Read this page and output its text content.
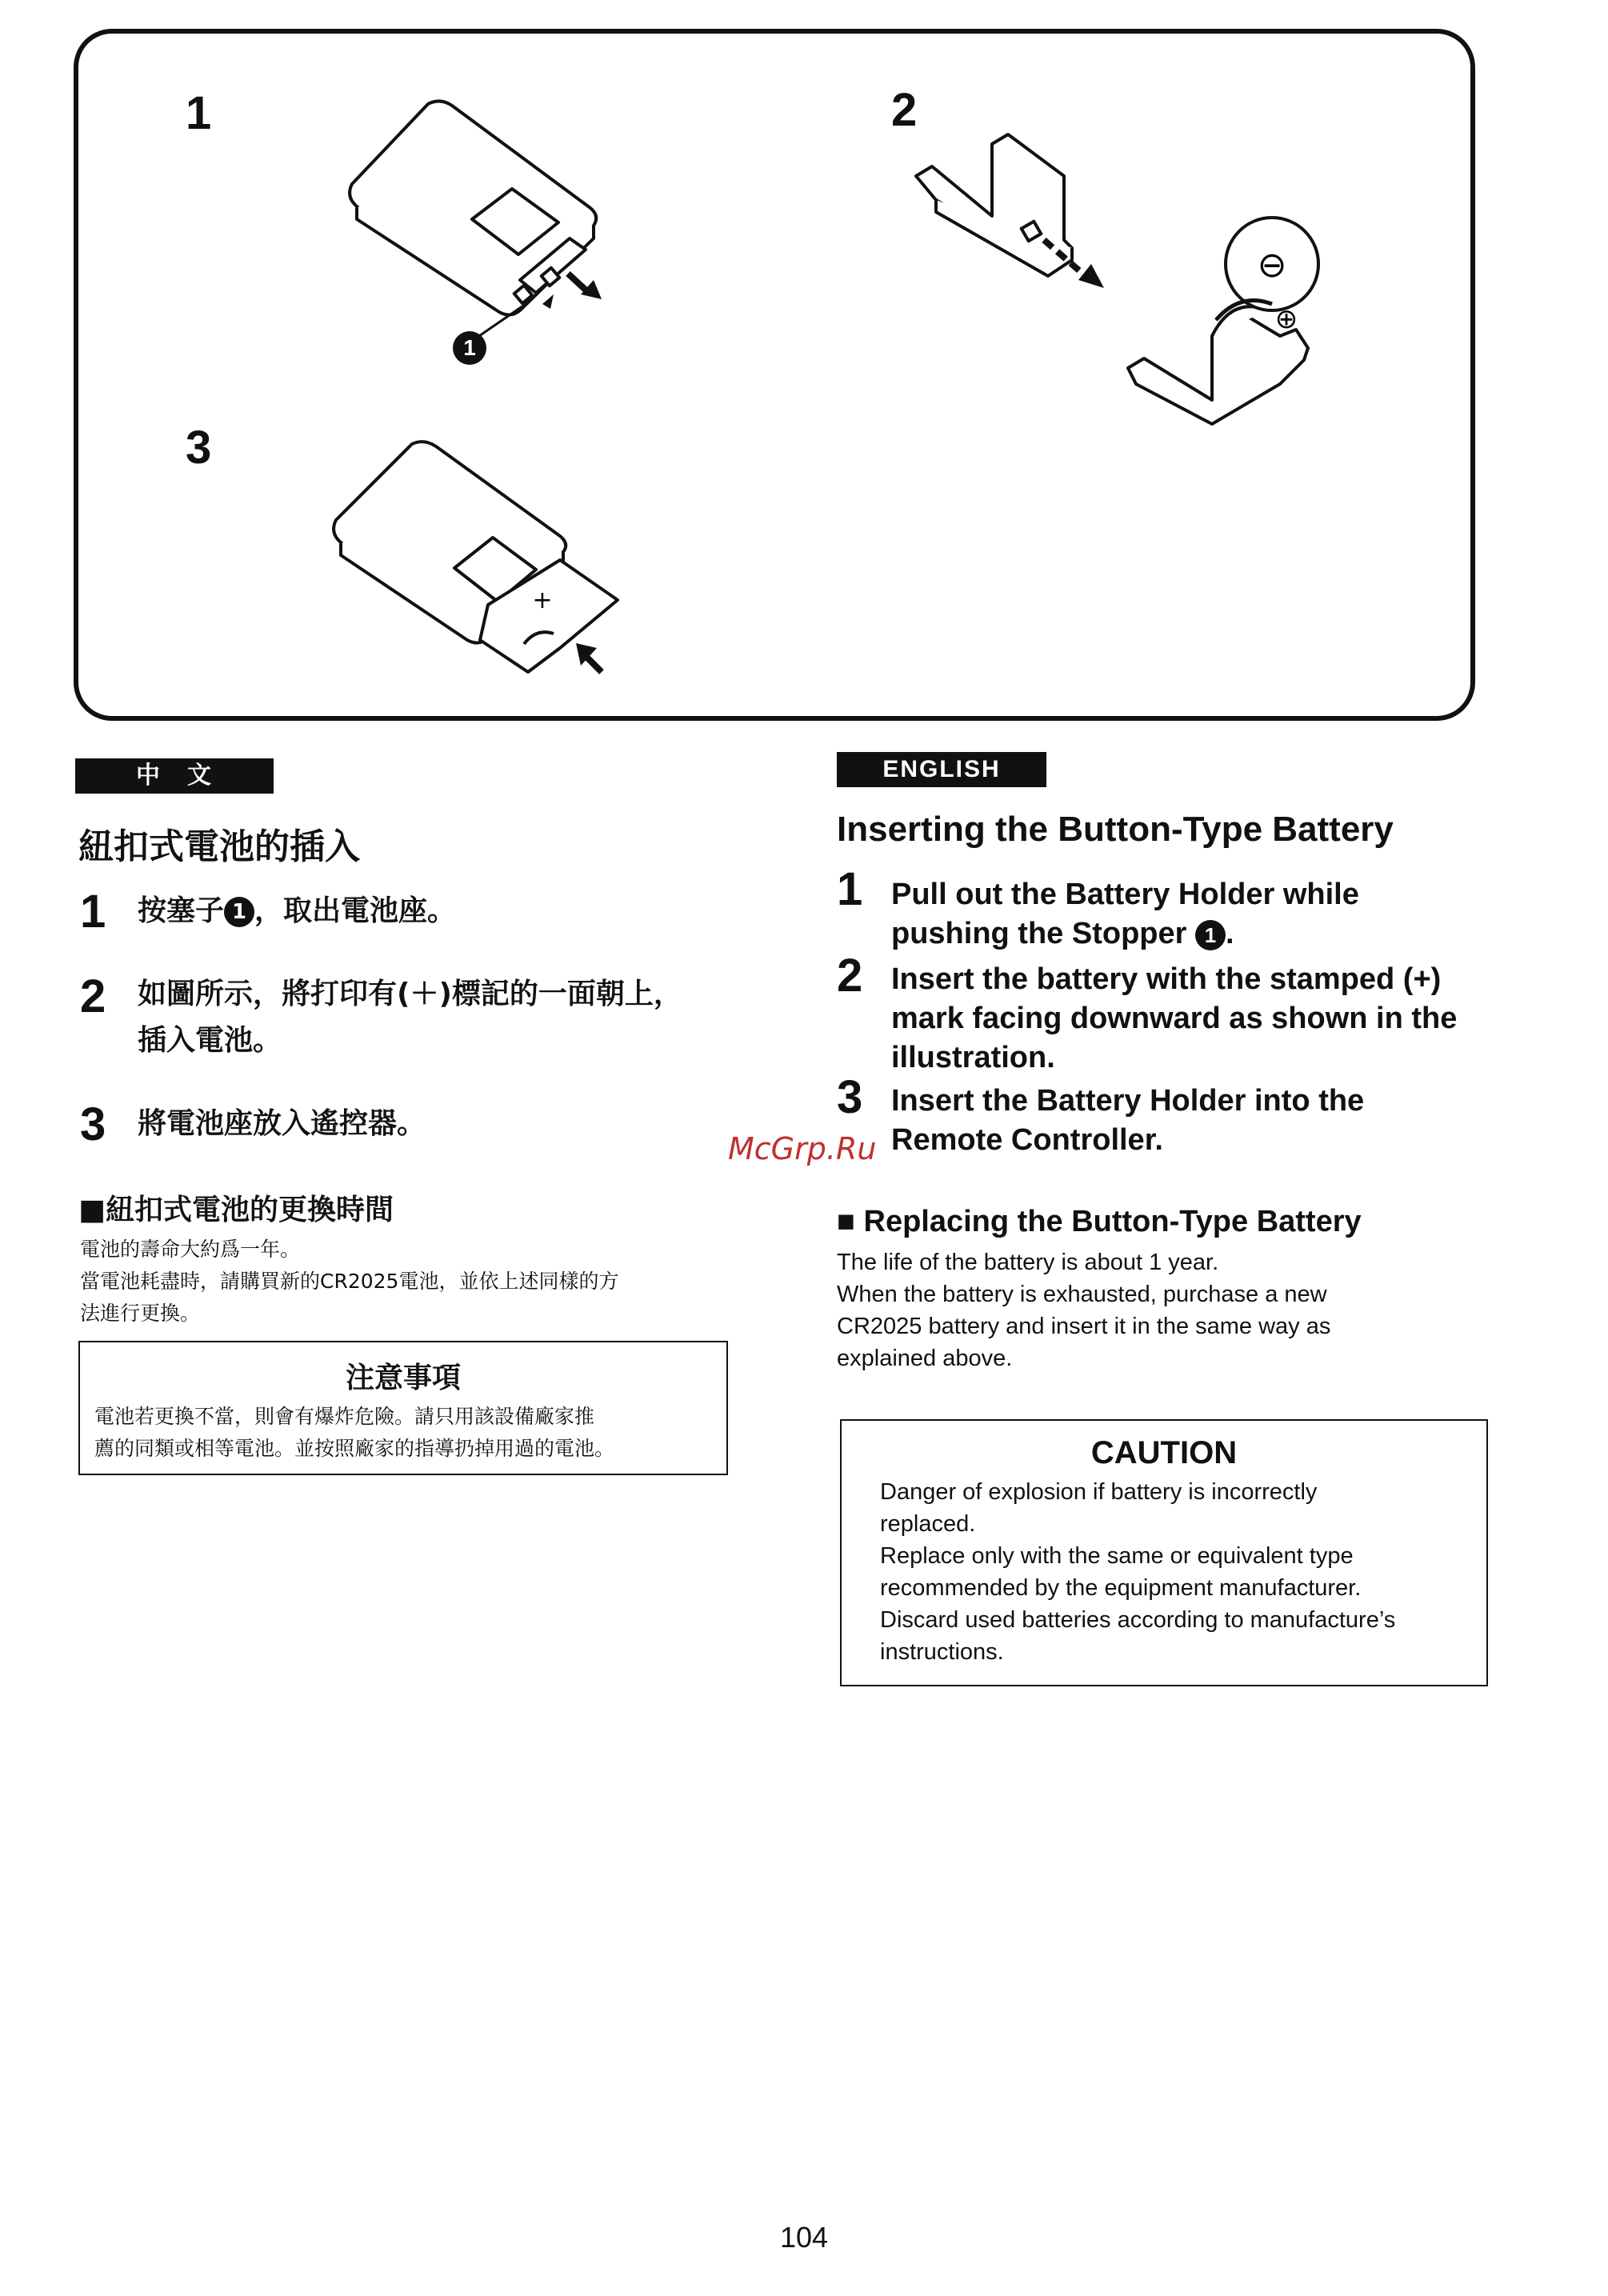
1	2
3
1
⊖
⊕
+
中　文
紐扣式電池的插入
1 按塞子 1 ，取出電池座。
2 如圖所示，將打印有(＋)標記的一面朝上，
插入電池。
3 將電池座放入遙控器。
■紐扣式電池的更換時間
電池的壽命大約爲一年。
當電池耗盡時，請購買新的CR2025電池，並依上述同樣的方
法進行更換。
注意事項
電池若更換不當，則會有爆炸危險。請只用該設備廠家推
薦的同類或相等電池。並按照廠家的指導扔掉用過的電池。
ENGLISH
Inserting the Button-Type Battery
1 Pull out the Battery Holder while
pushing the Stopper 1 .
2 Insert the battery with the stamped (+)
mark facing downward as shown in the
illustration.
3 Insert the Battery Holder into the
Remote Controller.
McGrp.Ru
■ Replacing the Button-Type Battery
The life of the battery is about 1 year.
When the battery is exhausted, purchase a new
CR2025 battery and insert it in the same way as
explained above.
CAUTION
Danger of explosion if battery is incorrectly
replaced.
Replace only with the same or equivalent type
recommended by the equipment manufacturer.
Discard used batteries according to manufacture’s
instructions.
104
